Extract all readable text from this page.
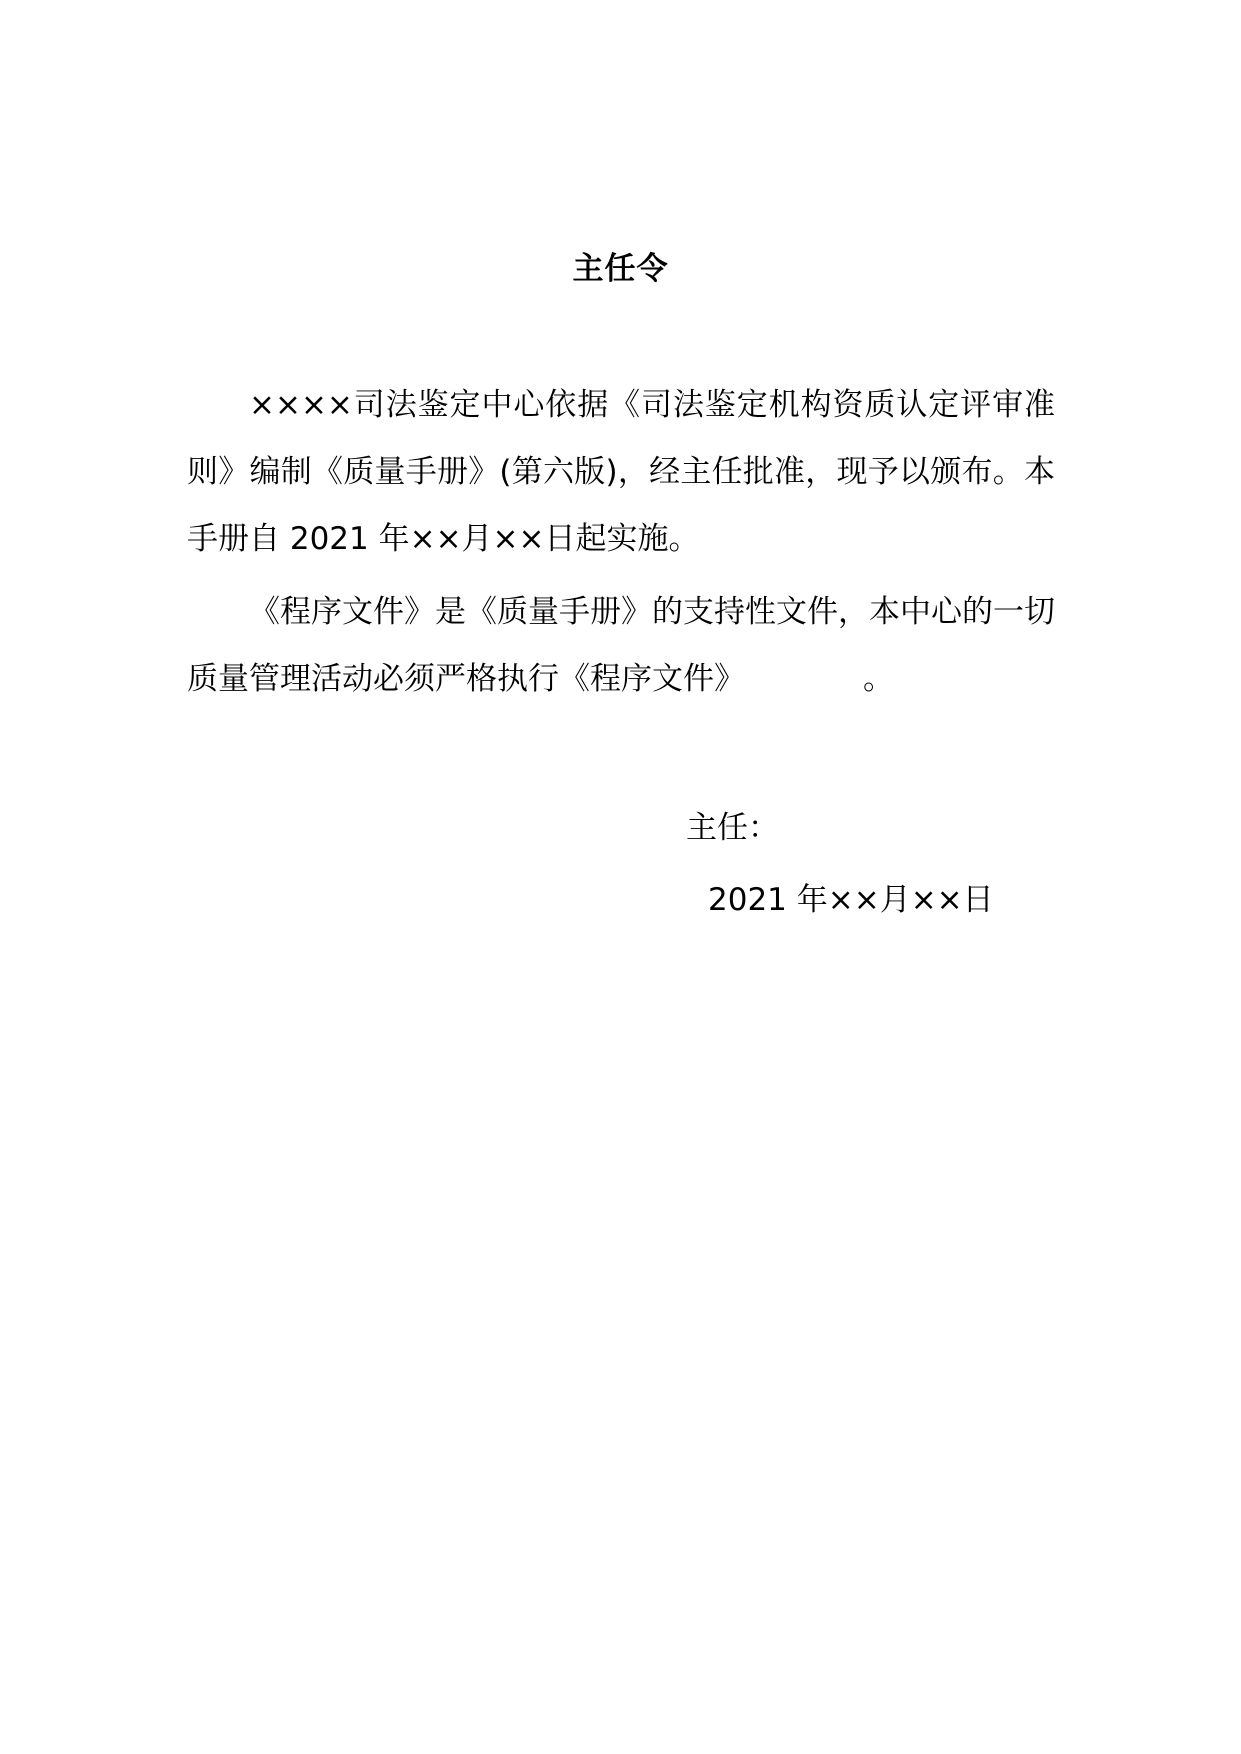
主任令
××××司法鉴定中心依据《司法鉴定机构资质认定评审准则》编制《质量手册》(第六版)，经主任批准，现予以颁布。本手册自 2021 年××月××日起实施。
《程序文件》是《质量手册》的支持性文件，本中心的一切质量管理活动必须严格执行《程序文件》	。
主任：
2021 年××月××日
